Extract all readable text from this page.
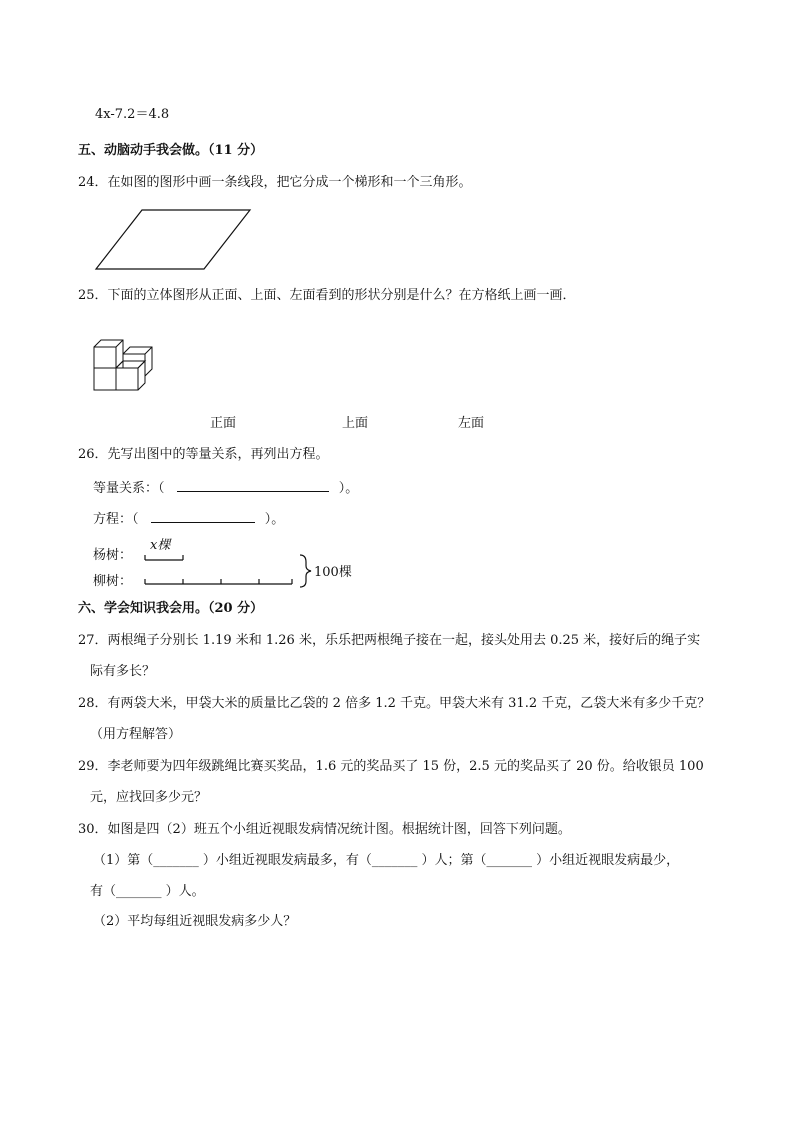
4x-7.2＝4.8
五、动脑动手我会做。（11 分）
24．在如图的图形中画一条线段，把它分成一个梯形和一个三角形。
25．下面的立体图形从正面、上面、左面看到的形状分别是什么？在方格纸上画一画．
正面	上面	左面
26．先写出图中的等量关系，再列出方程。
等量关系：（	）。
方程：（	）。
杨树：
柳树：
x棵
100棵
六、学会知识我会用。（20 分）
27．两根绳子分别长 1.19 米和 1.26 米，乐乐把两根绳子接在一起，接头处用去 0.25 米，接好后的绳子实
际有多长？
28．有两袋大米，甲袋大米的质量比乙袋的 2 倍多 1.2 千克。甲袋大米有 31.2 千克，乙袋大米有多少千克？
（用方程解答）
29．李老师要为四年级跳绳比赛买奖品，1.6 元的奖品买了 15 份，2.5 元的奖品买了 20 份。给收银员 100
元，应找回多少元？
30．如图是四（2）班五个小组近视眼发病情况统计图。根据统计图，回答下列问题。
（1）第（_______ ）小组近视眼发病最多，有（_______ ）人；第（_______ ）小组近视眼发病最少，
有（_______ ）人。
（2）平均每组近视眼发病多少人？
